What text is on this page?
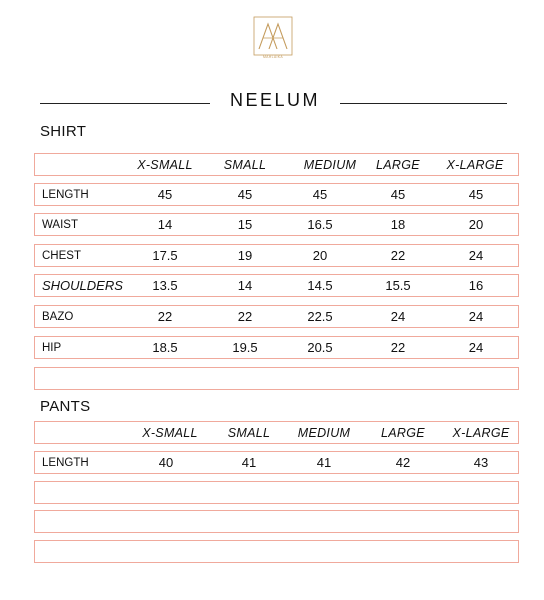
MAHLAIKA
NEELUM
SHIRT
X-SMALL	SMALL	MEDIUM	LARGE	X-LARGE
LENGTH	45	45	45	45	45
WAIST	14	15	16.5	18	20
CHEST	17.5	19	20	22	24
SHOULDERS	13.5	14	14.5	15.5	16
BAZO	22	22	22.5	24	24
HIP	18.5	19.5	20.5	22	24
PANTS
X-SMALL	SMALL	MEDIUM	LARGE	X-LARGE
LENGTH	40	41	41	42	43
